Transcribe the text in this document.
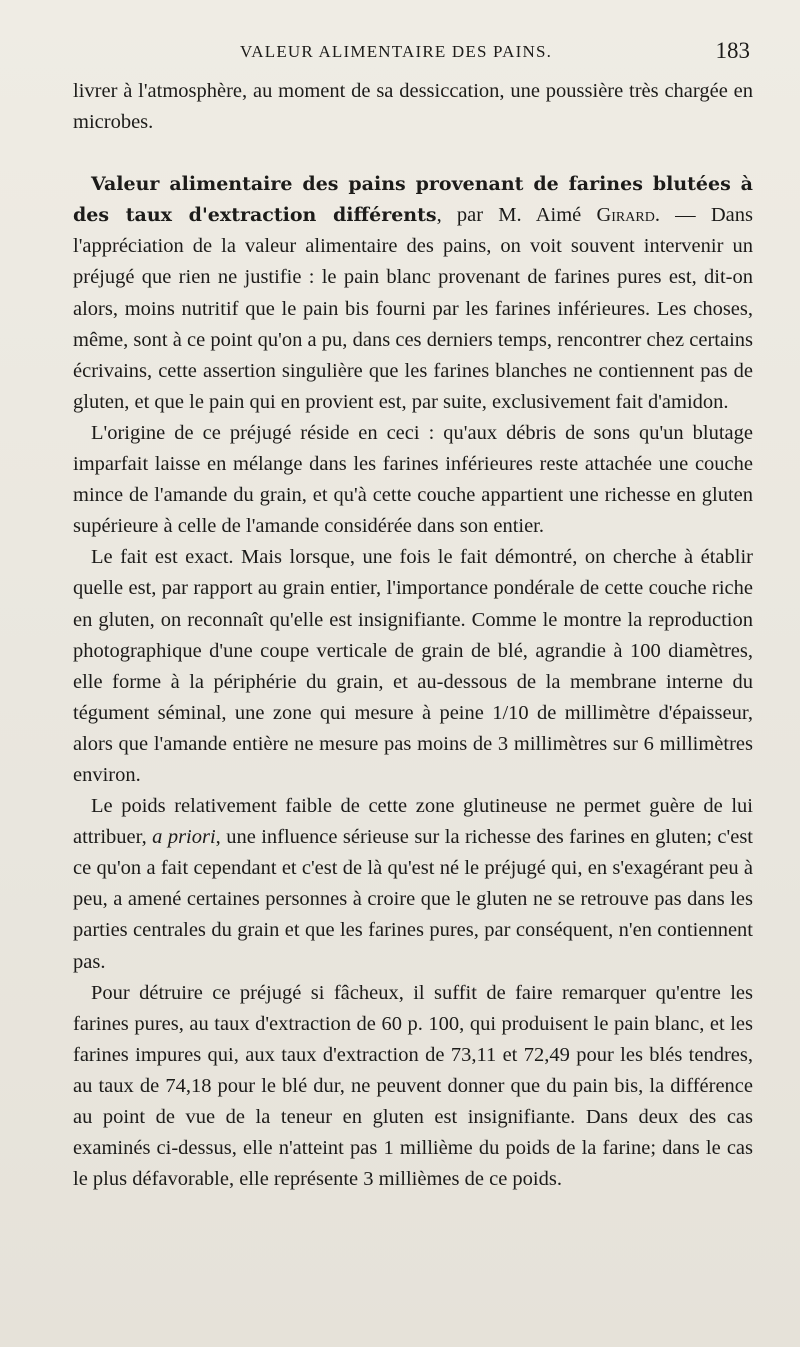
VALEUR ALIMENTAIRE DES PAINS.	183

livrer à l'atmosphère, au moment de sa dessiccation, une poussière très chargée en microbes.

Valeur alimentaire des pains provenant de farines blutées à des taux d'extraction différents, par M. Aimé Girard. — Dans l'appréciation de la valeur alimentaire des pains, on voit souvent intervenir un préjugé que rien ne justifie : le pain blanc provenant de farines pures est, dit-on alors, moins nutritif que le pain bis fourni par les farines inférieures. Les choses, même, sont à ce point qu'on a pu, dans ces derniers temps, rencontrer chez certains écrivains, cette assertion singulière que les farines blanches ne contiennent pas de gluten, et que le pain qui en provient est, par suite, exclusivement fait d'amidon.

L'origine de ce préjugé réside en ceci : qu'aux débris de sons qu'un blutage imparfait laisse en mélange dans les farines inférieures reste attachée une couche mince de l'amande du grain, et qu'à cette couche appartient une richesse en gluten supérieure à celle de l'amande considérée dans son entier.

Le fait est exact. Mais lorsque, une fois le fait démontré, on cherche à établir quelle est, par rapport au grain entier, l'importance pondérale de cette couche riche en gluten, on reconnaît qu'elle est insignifiante. Comme le montre la reproduction photographique d'une coupe verticale de grain de blé, agrandie à 100 diamètres, elle forme à la périphérie du grain, et au-dessous de la membrane interne du tégument séminal, une zone qui mesure à peine 1/10 de millimètre d'épaisseur, alors que l'amande entière ne mesure pas moins de 3 millimètres sur 6 millimètres environ.

Le poids relativement faible de cette zone glutineuse ne permet guère de lui attribuer, a priori, une influence sérieuse sur la richesse des farines en gluten; c'est ce qu'on a fait cependant et c'est de là qu'est né le préjugé qui, en s'exagérant peu à peu, a amené certaines personnes à croire que le gluten ne se retrouve pas dans les parties centrales du grain et que les farines pures, par conséquent, n'en contiennent pas.

Pour détruire ce préjugé si fâcheux, il suffit de faire remarquer qu'entre les farines pures, au taux d'extraction de 60 p. 100, qui produisent le pain blanc, et les farines impures qui, aux taux d'extraction de 73,11 et 72,49 pour les blés tendres, au taux de 74,18 pour le blé dur, ne peuvent donner que du pain bis, la différence au point de vue de la teneur en gluten est insignifiante. Dans deux des cas examinés ci-dessus, elle n'atteint pas 1 millième du poids de la farine; dans le cas le plus défavorable, elle représente 3 millièmes de ce poids.
